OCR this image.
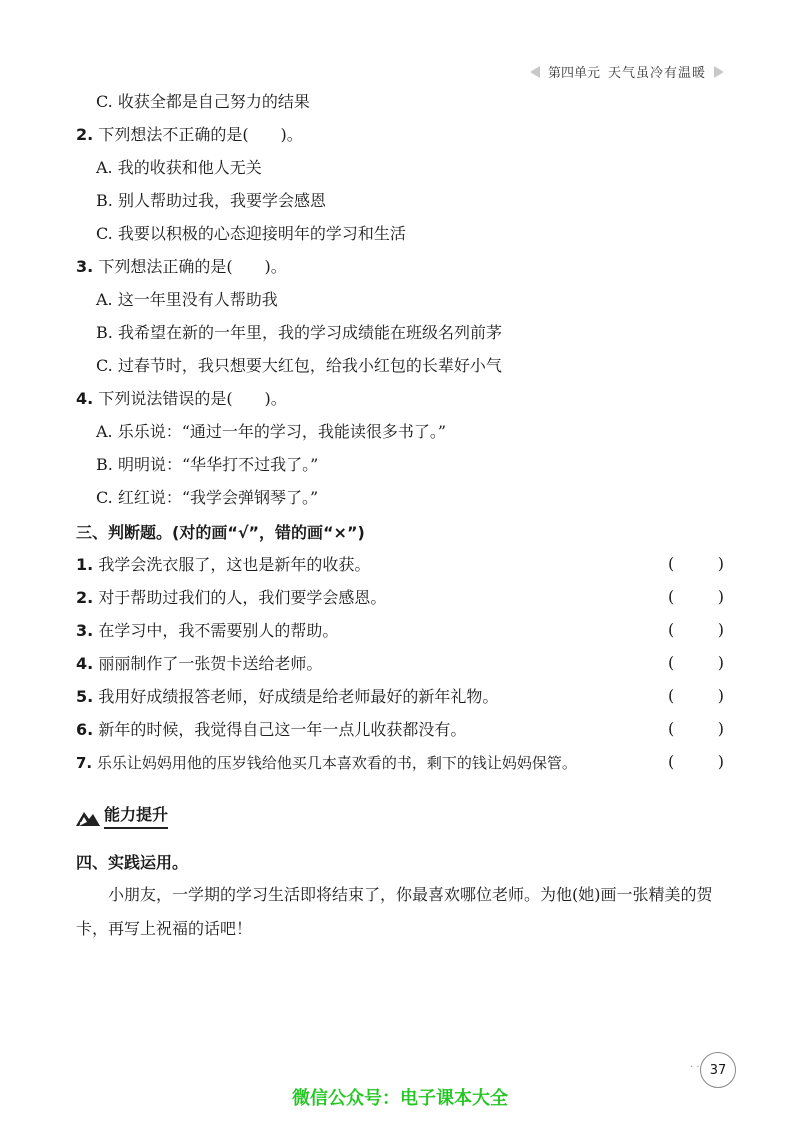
第四单元 天气虽冷有温暖
C. 收获全都是自己努力的结果
2. 下列想法不正确的是(　　)。
A. 我的收获和他人无关
B. 别人帮助过我，我要学会感恩
C. 我要以积极的心态迎接明年的学习和生活
3. 下列想法正确的是(　　)。
A. 这一年里没有人帮助我
B. 我希望在新的一年里，我的学习成绩能在班级名列前茅
C. 过春节时，我只想要大红包，给我小红包的长辈好小气
4. 下列说法错误的是(　　)。
A. 乐乐说：“通过一年的学习，我能读很多书了。”
B. 明明说：“华华打不过我了。”
C. 红红说：“我学会弹钢琴了。”
三、判断题。(对的画“√”，错的画“×”)
1. 我学会洗衣服了，这也是新年的收获。	(	)
2. 对于帮助过我们的人，我们要学会感恩。	(	)
3. 在学习中，我不需要别人的帮助。	(	)
4. 丽丽制作了一张贺卡送给老师。	(	)
5. 我用好成绩报答老师，好成绩是给老师最好的新年礼物。	(	)
6. 新年的时候，我觉得自己这一年一点儿收获都没有。	(	)
7. 乐乐让妈妈用他的压岁钱给他买几本喜欢看的书，剩下的钱让妈妈保管。	(	)
能力提升
四、实践运用。
小朋友，一学期的学习生活即将结束了，你最喜欢哪位老师。为他(她)画一张精美的贺卡，再写上祝福的话吧！
· · 37
微信公众号：电子课本大全
